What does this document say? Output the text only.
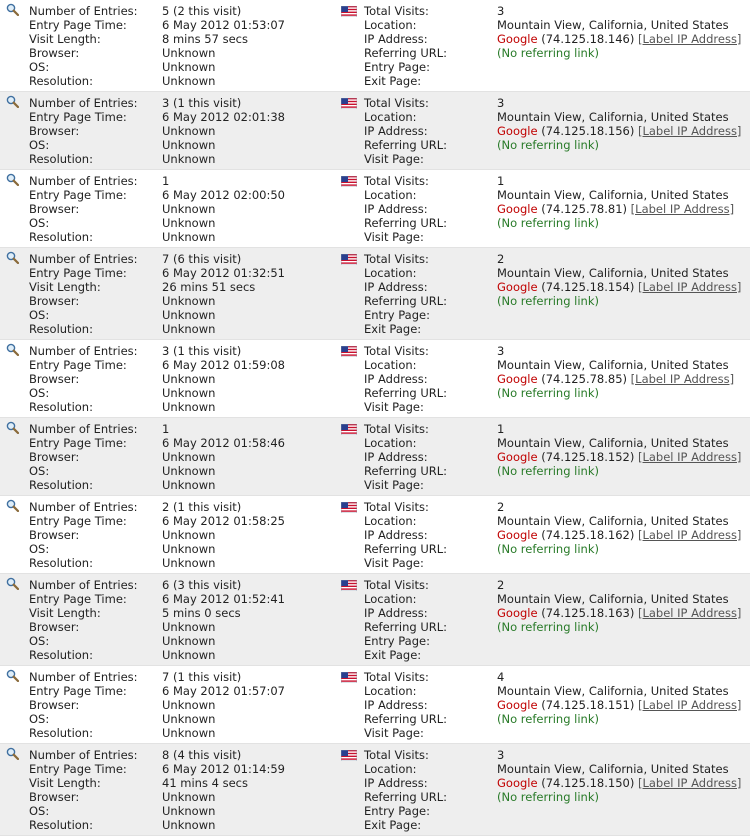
Number of Entries:
Entry Page Time:
Visit Length:
Browser:
OS:
Resolution:
5 (2 this visit)
6 May 2012 01:53:07
8 mins 57 secs
Unknown
Unknown
Unknown
Total Visits:
Location:
IP Address:
Referring URL:
Entry Page:
Exit Page:
3
Mountain View, California, United States
Google (74.125.18.146) [Label IP Address]
(No referring link)
Number of Entries:
Entry Page Time:
Browser:
OS:
Resolution:
3 (1 this visit)
6 May 2012 02:01:38
Unknown
Unknown
Unknown
Total Visits:
Location:
IP Address:
Referring URL:
Visit Page:
3
Mountain View, California, United States
Google (74.125.18.156) [Label IP Address]
(No referring link)
Number of Entries:
Entry Page Time:
Browser:
OS:
Resolution:
1
6 May 2012 02:00:50
Unknown
Unknown
Unknown
Total Visits:
Location:
IP Address:
Referring URL:
Visit Page:
1
Mountain View, California, United States
Google (74.125.78.81) [Label IP Address]
(No referring link)
Number of Entries:
Entry Page Time:
Visit Length:
Browser:
OS:
Resolution:
7 (6 this visit)
6 May 2012 01:32:51
26 mins 51 secs
Unknown
Unknown
Unknown
Total Visits:
Location:
IP Address:
Referring URL:
Entry Page:
Exit Page:
2
Mountain View, California, United States
Google (74.125.18.154) [Label IP Address]
(No referring link)
Number of Entries:
Entry Page Time:
Browser:
OS:
Resolution:
3 (1 this visit)
6 May 2012 01:59:08
Unknown
Unknown
Unknown
Total Visits:
Location:
IP Address:
Referring URL:
Visit Page:
3
Mountain View, California, United States
Google (74.125.78.85) [Label IP Address]
(No referring link)
Number of Entries:
Entry Page Time:
Browser:
OS:
Resolution:
1
6 May 2012 01:58:46
Unknown
Unknown
Unknown
Total Visits:
Location:
IP Address:
Referring URL:
Visit Page:
1
Mountain View, California, United States
Google (74.125.18.152) [Label IP Address]
(No referring link)
Number of Entries:
Entry Page Time:
Browser:
OS:
Resolution:
2 (1 this visit)
6 May 2012 01:58:25
Unknown
Unknown
Unknown
Total Visits:
Location:
IP Address:
Referring URL:
Visit Page:
2
Mountain View, California, United States
Google (74.125.18.162) [Label IP Address]
(No referring link)
Number of Entries:
Entry Page Time:
Visit Length:
Browser:
OS:
Resolution:
6 (3 this visit)
6 May 2012 01:52:41
5 mins 0 secs
Unknown
Unknown
Unknown
Total Visits:
Location:
IP Address:
Referring URL:
Entry Page:
Exit Page:
2
Mountain View, California, United States
Google (74.125.18.163) [Label IP Address]
(No referring link)
Number of Entries:
Entry Page Time:
Browser:
OS:
Resolution:
7 (1 this visit)
6 May 2012 01:57:07
Unknown
Unknown
Unknown
Total Visits:
Location:
IP Address:
Referring URL:
Visit Page:
4
Mountain View, California, United States
Google (74.125.18.151) [Label IP Address]
(No referring link)
Number of Entries:
Entry Page Time:
Visit Length:
Browser:
OS:
Resolution:
8 (4 this visit)
6 May 2012 01:14:59
41 mins 4 secs
Unknown
Unknown
Unknown
Total Visits:
Location:
IP Address:
Referring URL:
Entry Page:
Exit Page:
3
Mountain View, California, United States
Google (74.125.18.150) [Label IP Address]
(No referring link)
